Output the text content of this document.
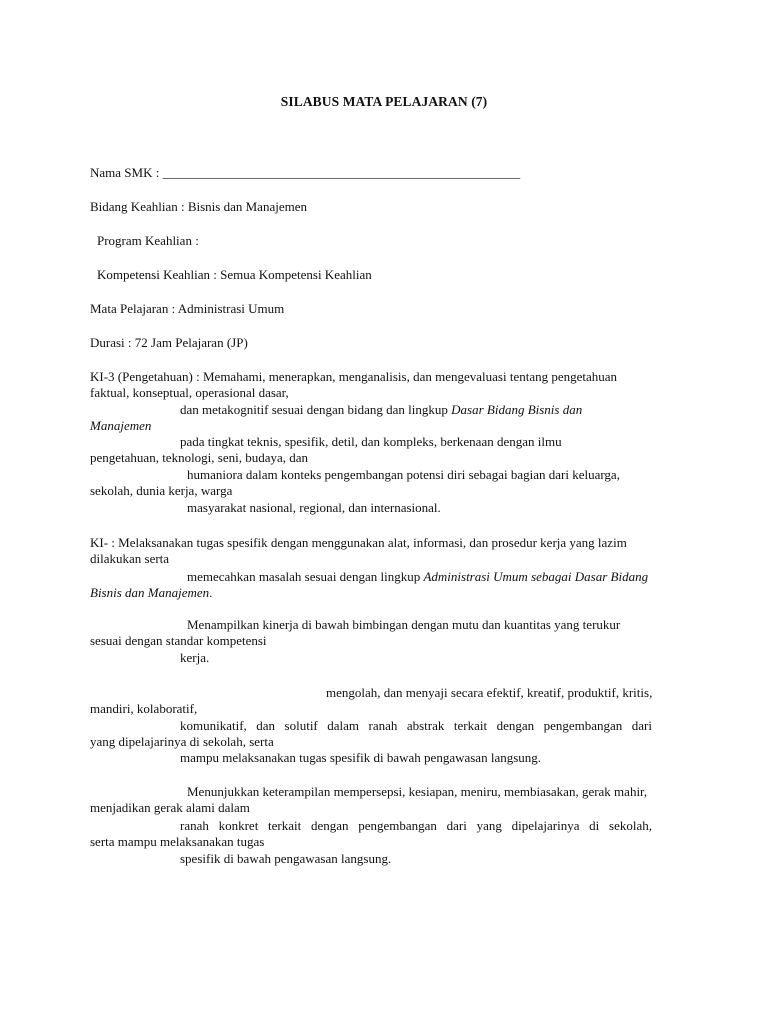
SILABUS MATA PELAJARAN (7)
Nama SMK : _______________________________________________________
Bidang Keahlian : Bisnis dan Manajemen
Program Keahlian :
Kompetensi Keahlian : Semua Kompetensi Keahlian
Mata Pelajaran : Administrasi Umum
Durasi : 72 Jam Pelajaran (JP)
KI-3 (Pengetahuan) : Memahami, menerapkan, menganalisis, dan mengevaluasi tentang pengetahuan
faktual, konseptual, operasional dasar,
dan metakognitif sesuai dengan bidang dan lingkup Dasar Bidang Bisnis dan
Manajemen
pada tingkat teknis, spesifik, detil, dan kompleks, berkenaan dengan ilmu
pengetahuan, teknologi, seni, budaya, dan
humaniora dalam konteks pengembangan potensi diri sebagai bagian dari keluarga,
sekolah, dunia kerja, warga
masyarakat nasional, regional, dan internasional.
KI- : Melaksanakan tugas spesifik dengan menggunakan alat, informasi, dan prosedur kerja yang lazim
dilakukan serta
memecahkan masalah sesuai dengan lingkup Administrasi Umum sebagai Dasar Bidang
Bisnis dan Manajemen.
Menampilkan kinerja di bawah bimbingan dengan mutu dan kuantitas yang terukur
sesuai dengan standar kompetensi
kerja.
mengolah, dan menyaji secara efektif, kreatif, produktif, kritis,
mandiri, kolaboratif,
komunikatif, dan solutif dalam ranah abstrak terkait dengan pengembangan dari
yang dipelajarinya di sekolah, serta
mampu melaksanakan tugas spesifik di bawah pengawasan langsung.
Menunjukkan keterampilan mempersepsi, kesiapan, meniru, membiasakan, gerak mahir,
menjadikan gerak alami dalam
ranah konkret terkait dengan pengembangan dari yang dipelajarinya di sekolah,
serta mampu melaksanakan tugas
spesifik di bawah pengawasan langsung.
